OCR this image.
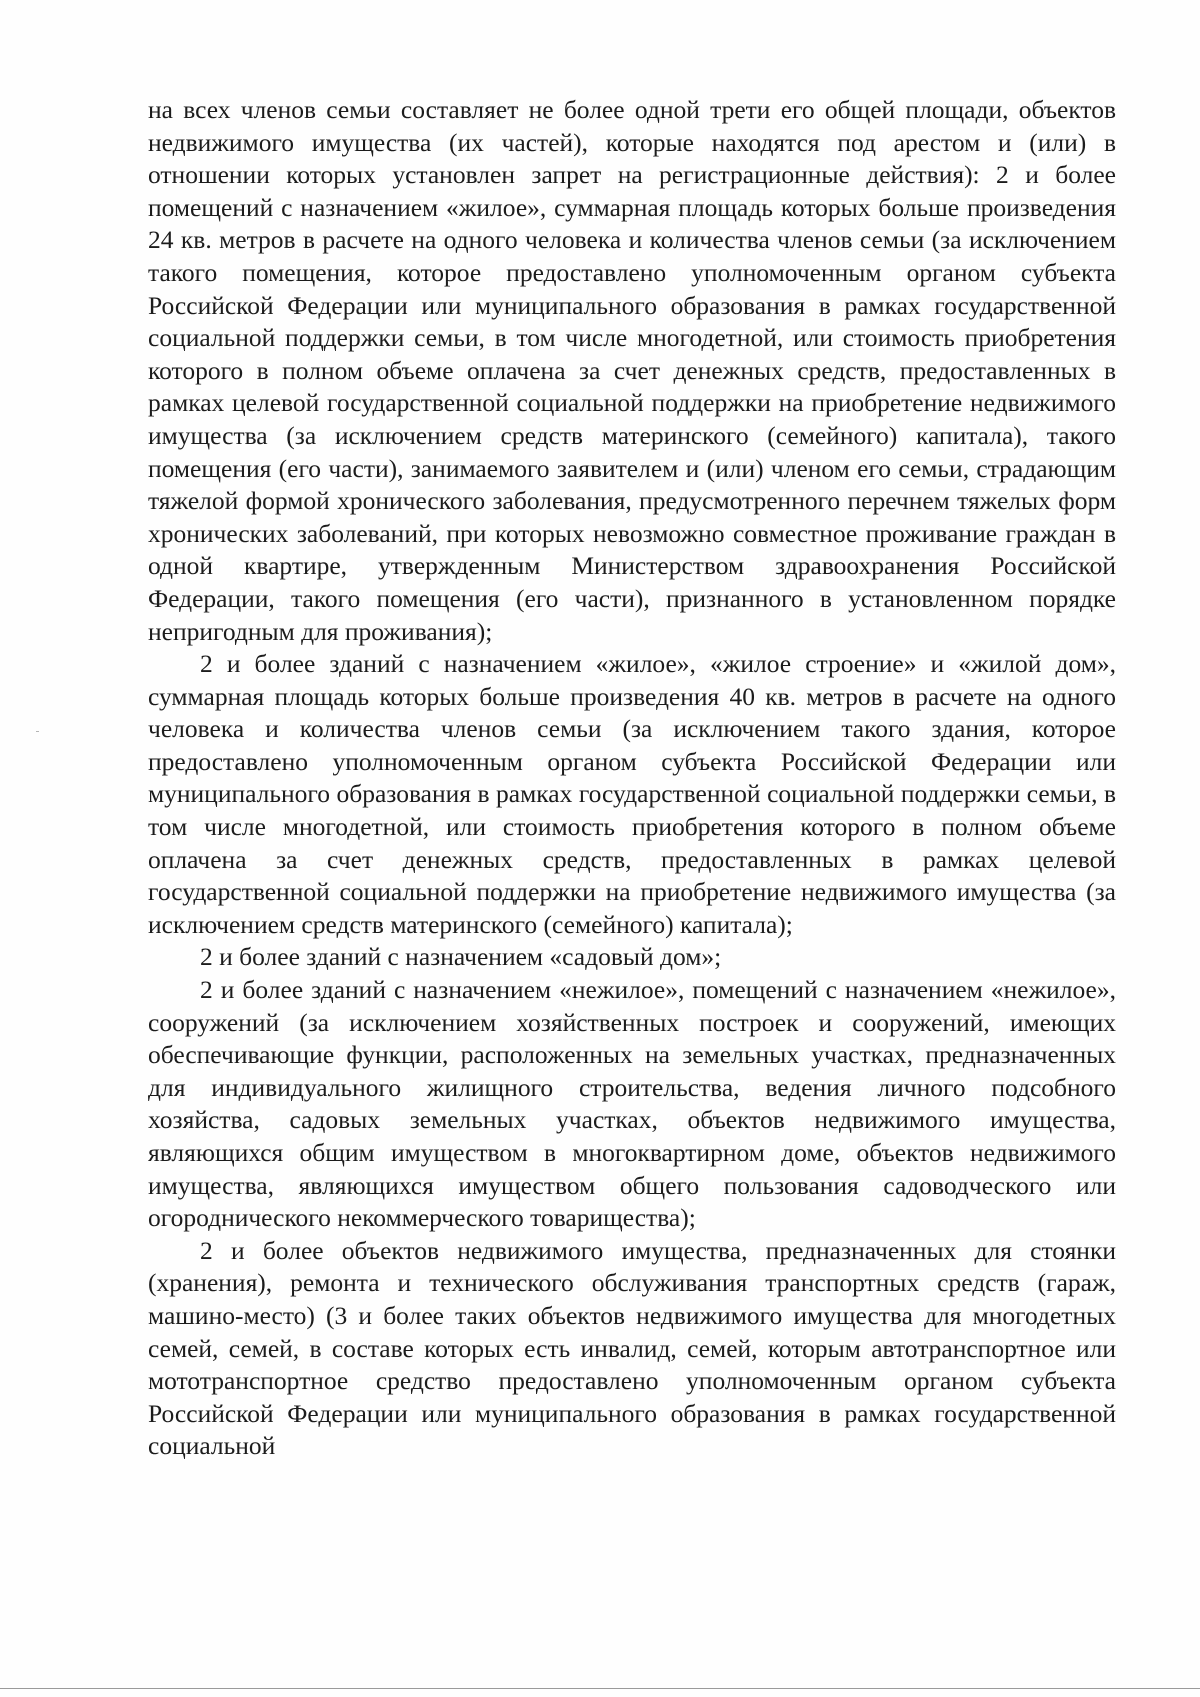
на всех членов семьи составляет не более одной трети его общей площади, объектов недвижимого имущества (их частей), которые находятся под арестом и (или) в отношении которых установлен запрет на регистрационные действия): 2 и более помещений с назначением «жилое», суммарная площадь которых больше произведения 24 кв. метров в расчете на одного человека и количества членов семьи (за исключением такого помещения, которое предоставлено уполномоченным органом субъекта Российской Федерации или муниципального образования в рамках государственной социальной поддержки семьи, в том числе многодетной, или стоимость приобретения которого в полном объеме оплачена за счет денежных средств, предоставленных в рамках целевой государственной социальной поддержки на приобретение недвижимого имущества (за исключением средств материнского (семейного) капитала), такого помещения (его части), занимаемого заявителем и (или) членом его семьи, страдающим тяжелой формой хронического заболевания, предусмотренного перечнем тяжелых форм хронических заболеваний, при которых невозможно совместное проживание граждан в одной квартире, утвержденным Министерством здравоохранения Российской Федерации, такого помещения (его части), признанного в установленном порядке непригодным для проживания);

2 и более зданий с назначением «жилое», «жилое строение» и «жилой дом», суммарная площадь которых больше произведения 40 кв. метров в расчете на одного человека и количества членов семьи (за исключением такого здания, которое предоставлено уполномоченным органом субъекта Российской Федерации или муниципального образования в рамках государственной социальной поддержки семьи, в том числе многодетной, или стоимость приобретения которого в полном объеме оплачена за счет денежных средств, предоставленных в рамках целевой государственной социальной поддержки на приобретение недвижимого имущества (за исключением средств материнского (семейного) капитала);

2 и более зданий с назначением «садовый дом»;

2 и более зданий с назначением «нежилое», помещений с назначением «нежилое», сооружений (за исключением хозяйственных построек и сооружений, имеющих обеспечивающие функции, расположенных на земельных участках, предназначенных для индивидуального жилищного строительства, ведения личного подсобного хозяйства, садовых земельных участках, объектов недвижимого имущества, являющихся общим имуществом в многоквартирном доме, объектов недвижимого имущества, являющихся имуществом общего пользования садоводческого или огороднического некоммерческого товарищества);

2 и более объектов недвижимого имущества, предназначенных для стоянки (хранения), ремонта и технического обслуживания транспортных средств (гараж, машино-место) (3 и более таких объектов недвижимого имущества для многодетных семей, семей, в составе которых есть инвалид, семей, которым автотранспортное или мототранспортное средство предоставлено уполномоченным органом субъекта Российской Федерации или муниципального образования в рамках государственной социальной
